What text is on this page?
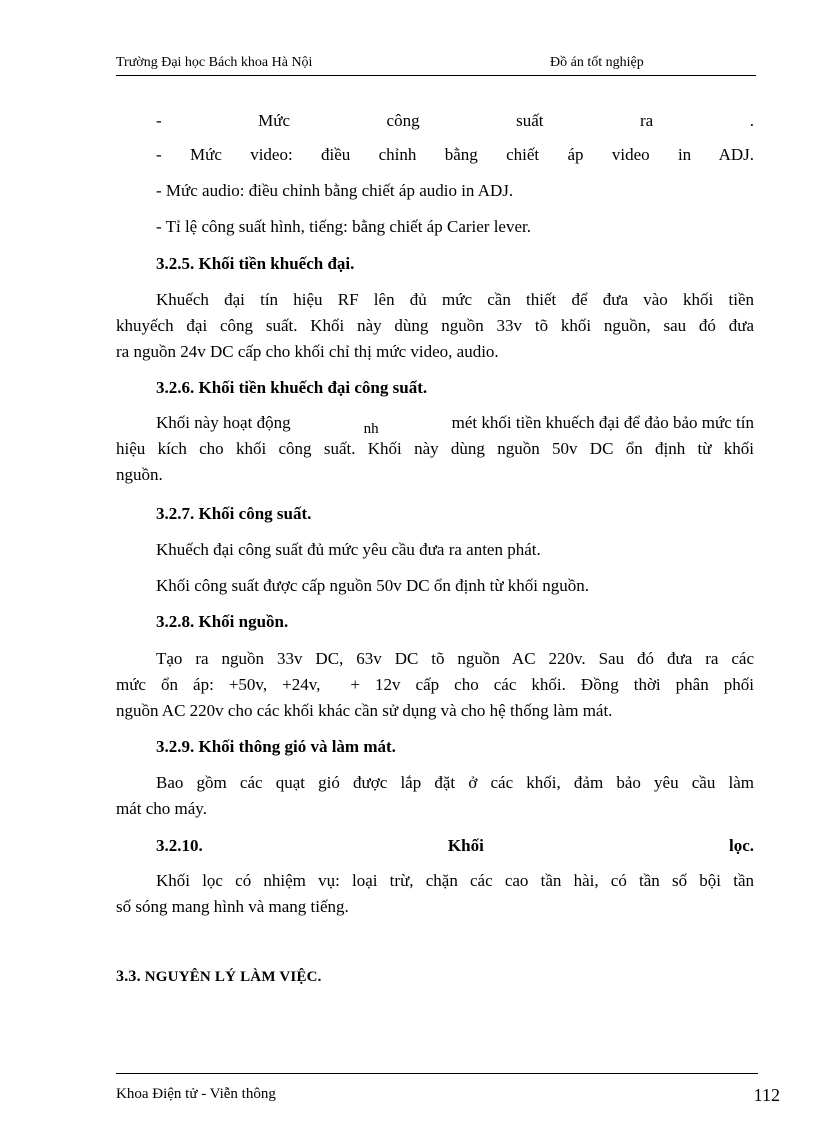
Trường Đại học Bách khoa Hà Nội	Đồ án tốt nghiệp
-	Mức	công	suất	ra	.
- Mức video: điều chỉnh bằng chiết áp video in ADJ.
- Mức audio: điều chỉnh bằng chiết áp audio in ADJ.
- Tỉ lệ công suất hình, tiếng: bằng chiết áp Carier lever.
3.2.5. Khối tiền khuếch đại.
Khuếch đại tín hiệu RF lên đủ mức cần thiết để đưa vào khối tiền
khuyếch đại công suất. Khối này dùng nguồn 33v tõ khối nguồn, sau đó đưa
ra nguồn 24v DC cấp cho khối chỉ thị mức video, audio.
3.2.6. Khối tiền khuếch đại công suất.
Khối này hoạt động	nh	mét khối tiền khuếch đại để đảo bảo mức tín
hiệu kích cho khối công suất. Khối này dùng nguồn 50v DC ổn định từ khối
nguồn.
3.2.7. Khối công suất.
Khuếch đại công suất đủ mức yêu cầu đưa ra anten phát.
Khối công suất được cấp nguồn 50v DC ổn định từ khối nguồn.
3.2.8. Khối nguồn.
Tạo ra nguồn 33v DC, 63v DC tõ nguồn AC 220v. Sau đó đưa ra các
mức ổn áp: +50v, +24v,  + 12v cấp cho các khối. Đồng thời phân phối
nguồn AC 220v cho các khối khác cần sử dụng và cho hệ thống làm mát.
3.2.9. Khối thông gió và làm mát.
Bao gồm các quạt gió được lắp đặt ở các khối, đảm bảo yêu cầu làm
mát cho máy.
3.2.10.	Khối	lọc.
Khối lọc có nhiệm vụ: loại trừ, chặn các cao tần hài, có tần số bội tần
số sóng mang hình và mang tiếng.
3.3. NGUYÊN LÝ LÀM VIỆC.
Khoa Điện tử - Viễn thông	112
